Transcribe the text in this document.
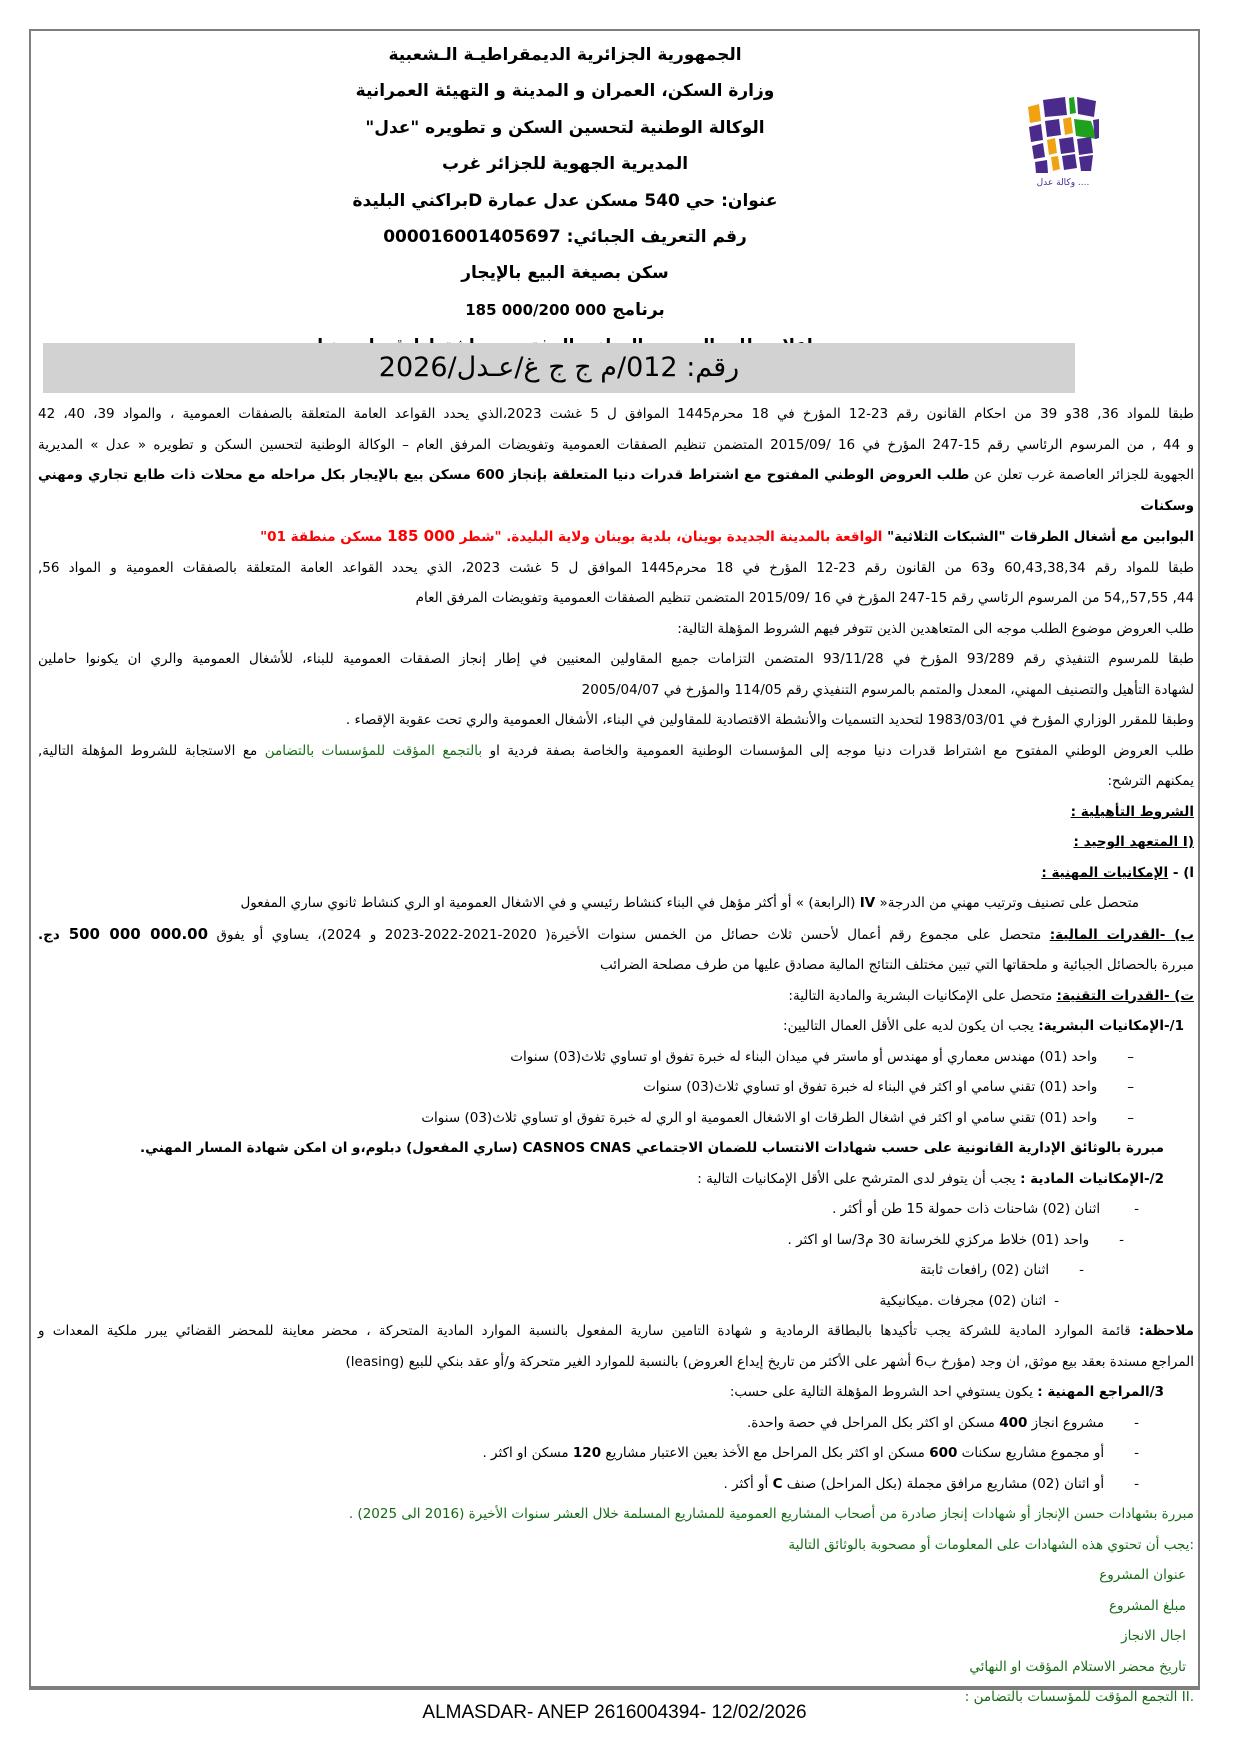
الجمهورية الجزائرية الديمقراطيـة الـشعبية
وزارة السكن، العمران و المدينة و التهيئة العمرانية
الوكالة الوطنية لتحسين السكن و تطويره "عدل"
المديرية الجهوية للجزائر غرب
عنوان: حي 540 مسكن عدل عمارة Dبراكني البليدة
رقم التعريف الجبائي: 000016001405697
سكن بصيغة البيع بالإيجار
برنامج 185 000/200 000
وكالة عدل ....
رقم: 012/م ج ج غ/عـدل/2026
طبقا للمواد 36, 38و 39 من احكام القانون رقم 23-12 المؤرخ في 18 محرم1445 الموافق ل 5 غشت 2023،الذي يحدد القواعد العامة المتعلقة بالصفقات العمومية ، والمواد 39، 40، 42
و 44 , من المرسوم الرئاسي رقم 15-247 المؤرخ في 2015/09/ 16 المتضمن تنظيم الصفقات العمومية وتفويضات المرفق العام – الوكالة الوطنية لتحسين السكن و تطويره « عدل » المديرية
الجهوية للجزائر العاصمة غرب تعلن عن طلب العروض الوطني المفتوح مع اشتراط قدرات دنيا المتعلقة بإنجاز 600 مسكن بيع بالإيجار بكل مراحله مع محلات ذات طابع تجاري ومهني وسكنات
البوابين مع أشغال الطرقات "الشبكات الثلاثية" الواقعة بالمدينة الجديدة بوينان، بلدية بوينان ولاية البليدة. "شطر 185 000 مسكن منطقة 01"
طبقا للمواد رقم 60,43,38,34 و63 من القانون رقم 23-12 المؤرخ في 18 محرم1445 الموافق ل 5 غشت 2023، الذي يحدد القواعد العامة المتعلقة بالصفقات العمومية و المواد 56,
44, 57,55,,54 من المرسوم الرئاسي رقم 15-247 المؤرخ في 2015/09/ 16 المتضمن تنظيم الصفقات العمومية وتفويضات المرفق العام
طلب العروض موضوع الطلب موجه الى المتعاهدين الذين تتوفر فيهم الشروط المؤهلة التالية:
طبقا للمرسوم التنفيذي رقم 93/289 المؤرخ في 93/11/28 المتضمن التزامات جميع المقاولين المعنيين في إطار إنجاز الصفقات العمومية للبناء، للأشغال العمومية والري ان يكونوا حاملين
لشهادة التأهيل والتصنيف المهني، المعدل والمتمم بالمرسوم التنفيذي رقم 114/05 والمؤرخ في 2005/04/07
وطبقا للمقرر الوزاري المؤرخ في 1983/03/01 لتحديد التسميات والأنشطة الاقتصادية للمقاولين في البناء، الأشغال العمومية والري تحت عقوبة الإقصاء .
طلب العروض الوطني المفتوح مع اشتراط قدرات دنيا موجه إلى المؤسسات الوطنية العمومية والخاصة بصفة فردية او بالتجمع المؤقت للمؤسسات بالتضامن مع الاستجابة للشروط المؤهلة التالية,
يمكنهم الترشح:
الشروط التأهيلية :
I) المتعهد الوحيد :
ا) - الإمكانيات المهنية :
متحصل على تصنيف وترتيب مهني من الدرجة« IV (الرابعة) » أو أكثر مؤهل في البناء كنشاط رئيسي و في الاشغال العمومية او الري كنشاط ثانوي ساري المفعول
ب) -القدرات المالية: متحصل على مجموع رقم أعمال لأحسن ثلاث حصائل من الخمس سنوات الأخيرة( 2020-2021-2022-2023 و 2024)، يساوي أو يفوق 500 000 000.00 دج.
مبررة بالحصائل الجبائية و ملحقاتها التي تبين مختلف النتائج المالية مصادق عليها من طرف مصلحة الضرائب
ت) -القدرات التقنية: متحصل على الإمكانيات البشرية والمادية التالية:
1/-الإمكانيات البشرية: يجب ان يكون لديه على الأقل العمال التاليين:
–واحد (01) مهندس معماري أو مهندس أو ماستر في ميدان البناء له خبرة تفوق او تساوي ثلاث(03) سنوات
–واحد (01) تقني سامي او اكثر في البناء له خبرة تفوق او تساوي ثلاث(03) سنوات
–واحد (01) تقني سامي او اكثر في اشغال الطرقات او الاشغال العمومية او الري له خبرة تفوق او تساوي ثلاث(03) سنوات
مبررة بالوثائق الإدارية القانونية على حسب شهادات الانتساب للضمان الاجتماعي CASNOS CNAS (ساري المفعول) دبلوم،و ان امكن شهادة المسار المهني.
2/-الإمكانيات المادية : يجب أن يتوفر لدى المترشح على الأقل الإمكانيات التالية :
-اثنان (02) شاحنات ذات حمولة 15 طن أو أكثر .
-واحد (01) خلاط مركزي للخرسانة 30 م3/سا او اكثر .
-اثنان (02) رافعات ثابتة
-اثنان (02) مجرفات .ميكانيكية
ملاحظة: قائمة الموارد المادية للشركة يجب تأكيدها بالبطاقة الرمادية و شهادة التامين سارية المفعول بالنسبة الموارد المادية المتحركة ، محضر معاينة للمحضر القضائي يبرر ملكية المعدات و
المراجع مسندة بعقد بيع موثق, ان وجد (مؤرخ ب6 أشهر على الأكثر من تاريخ إيداع العروض) بالنسبة للموارد الغير متحركة و/أو عقد بنكي للبيع (leasing)
3/المراجع المهنية : يكون يستوفي احد الشروط المؤهلة التالية على حسب:
-مشروع انجاز 400 مسكن او اكثر بكل المراحل في حصة واحدة.
-أو مجموع مشاريع سكنات 600 مسكن او اكثر بكل المراحل مع الأخذ بعين الاعتبار مشاريع 120 مسكن او اكثر .
-أو اثنان (02) مشاريع مرافق مجملة (بكل المراحل) صنف C أو أكثر .
مبررة بشهادات حسن الإنجاز أو شهادات إنجاز صادرة من أصحاب المشاريع العمومية للمشاريع المسلمة خلال العشر سنوات الأخيرة (2016 الى 2025) .
:يجب أن تحتوي هذه الشهادات على المعلومات أو مصحوبة بالوثائق التالية
عنوان المشروع
مبلغ المشروع
اجال الانجاز
تاريخ محضر الاستلام المؤقت او النهائي
II. التجمع المؤقت للمؤسسات بالتضامن :
ALMASDAR- ANEP 2616004394- 12/02/2026
